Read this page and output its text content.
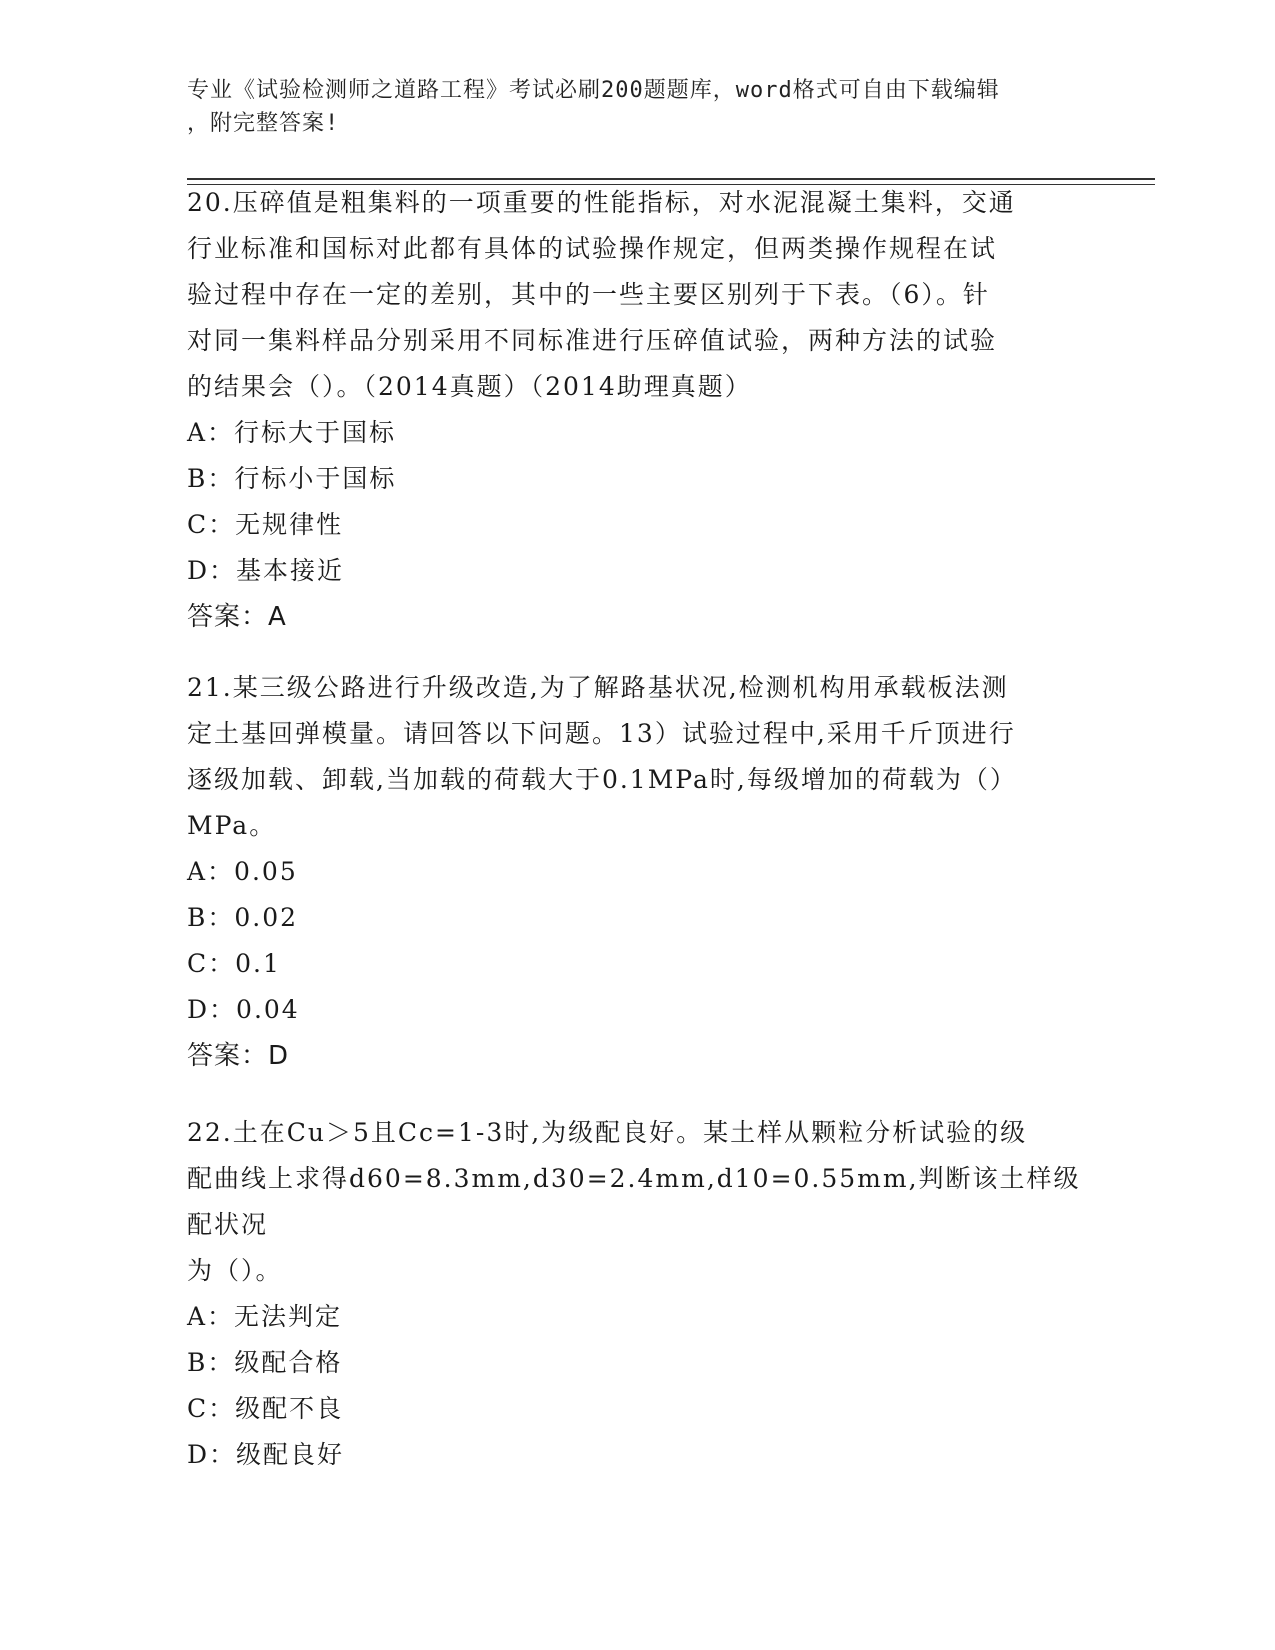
专业《试验检测师之道路工程》考试必刷200题题库，word格式可自由下载编辑
，附完整答案!

20.压碎值是粗集料的一项重要的性能指标，对水泥混凝土集料，交通
行业标准和国标对此都有具体的试验操作规定，但两类操作规程在试
验过程中存在一定的差别，其中的一些主要区别列于下表。（6）。针
对同一集料样品分别采用不同标准进行压碎值试验，两种方法的试验
的结果会（）。（2014真题）（2014助理真题）

A：行标大于国标

B：行标小于国标

C：无规律性

D：基本接近

答案：A

21.某三级公路进行升级改造,为了解路基状况,检测机构用承载板法测
定土基回弹模量。请回答以下问题。13）试验过程中,采用千斤顶进行
逐级加载、卸载,当加载的荷载大于0.1MPa时,每级增加的荷载为（）
MPa。

A：0.05

B：0.02

C：0.1

D：0.04

答案：D

22.土在Cu＞5且Cc=1-3时,为级配良好。某土样从颗粒分析试验的级
配曲线上求得d60=8.3mm,d30=2.4mm,d10=0.55mm,判断该土样级配状况
为（）。

A：无法判定

B：级配合格

C：级配不良

D：级配良好
